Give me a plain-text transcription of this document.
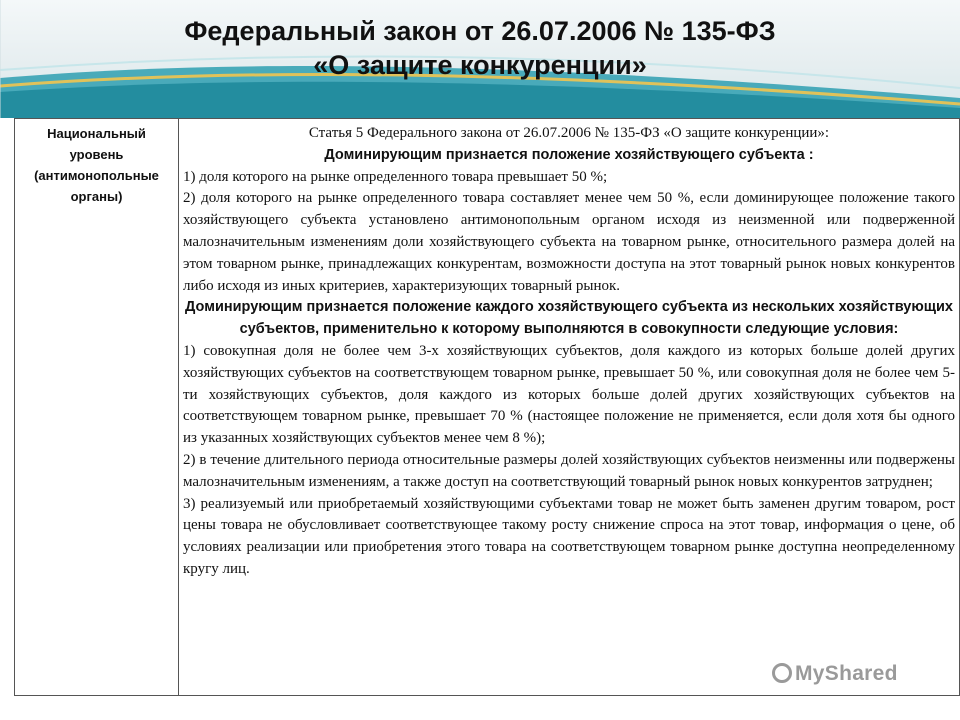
Федеральный закон от 26.07.2006 № 135-ФЗ
«О защите конкуренции»
Национальный
уровень
(антимонопольные
органы)
Статья 5 Федерального закона от 26.07.2006 № 135-ФЗ «О защите конкуренции»:
Доминирующим признается положение хозяйствующего субъекта :
1) доля которого на рынке определенного товара превышает 50 %;
2) доля которого на рынке определенного товара составляет менее чем 50 %, если доминирующее положение такого хозяйствующего субъекта установлено антимонопольным органом исходя из неизменной или подверженной малозначительным изменениям доли хозяйствующего субъекта на товарном рынке, относительного размера долей на этом товарном рынке, принадлежащих конкурентам, возможности доступа на этот товарный рынок новых конкурентов либо исходя из иных критериев, характеризующих товарный рынок.
Доминирующим признается положение каждого хозяйствующего субъекта из нескольких хозяйствующих субъектов, применительно к которому выполняются в совокупности следующие условия:
1) совокупная доля не более чем 3-х хозяйствующих субъектов, доля каждого из которых больше долей других хозяйствующих субъектов на соответствующем товарном рынке, превышает 50 %, или совокупная доля не более чем 5-ти хозяйствующих субъектов, доля каждого из которых больше долей других хозяйствующих субъектов на соответствующем товарном рынке, превышает 70 % (настоящее положение не применяется, если доля хотя бы одного из указанных хозяйствующих субъектов менее чем 8 %);
2) в течение длительного периода относительные размеры долей хозяйствующих субъектов неизменны или подвержены малозначительным изменениям, а также доступ на соответствующий товарный рынок новых конкурентов затруднен;
3) реализуемый или приобретаемый хозяйствующими субъектами товар не может быть заменен другим товаром, рост цены товара не обусловливает соответствующее такому росту снижение спроса на этот товар, информация о цене, об условиях реализации или приобретения этого товара на соответствующем товарном рынке доступна неопределенному кругу лиц.
MyShared
